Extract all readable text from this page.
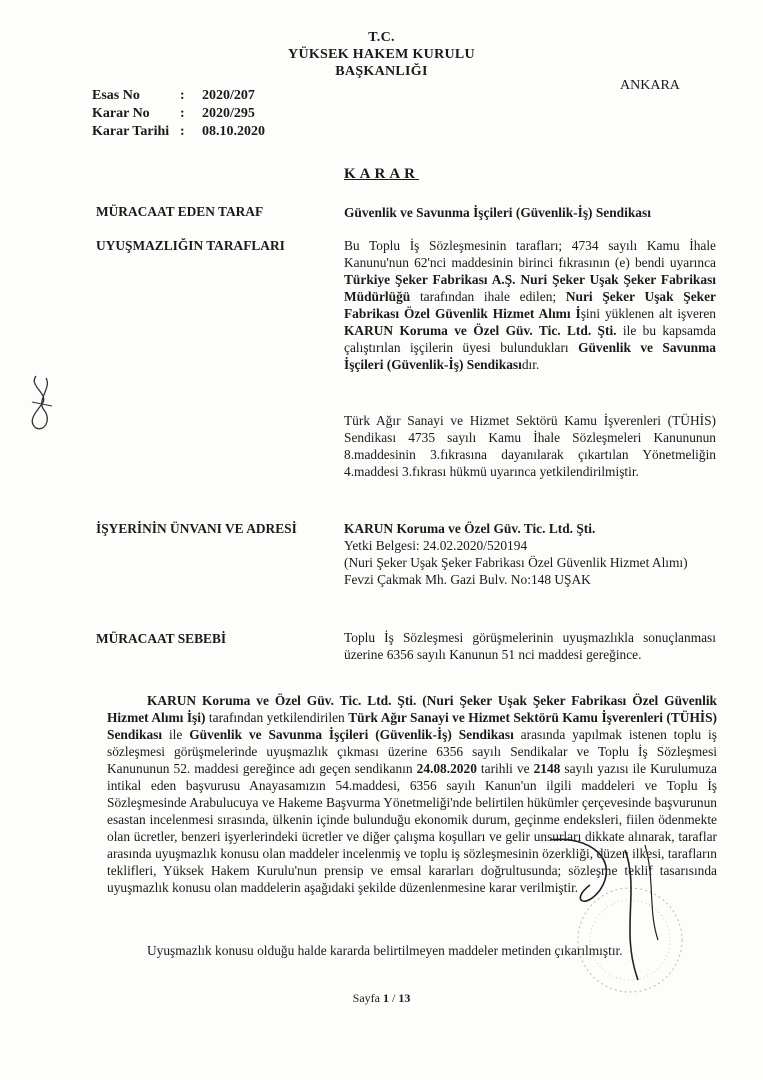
T.C.
YÜKSEK HAKEM KURULU
BAŞKANLIĞI
Esas No	:	2020/207
Karar No	:	2020/295
Karar Tarihi :	08.10.2020
ANKARA
KARAR
MÜRACAAT EDEN TARAF	Güvenlik ve Savunma İşçileri (Güvenlik-İş) Sendikası
UYUŞMAZLIĞIN TARAFLARI	Bu Toplu İş Sözleşmesinin tarafları; 4734 sayılı Kamu İhale Kanunu'nun 62'nci maddesinin birinci fıkrasının (e) bendi uyarınca Türkiye Şeker Fabrikası A.Ş. Nuri Şeker Uşak Şeker Fabrikası Müdürlüğü tarafından ihale edilen; Nuri Şeker Uşak Şeker Fabrikası Özel Güvenlik Hizmet Alımı İşini yüklenen alt işveren KARUN Koruma ve Özel Güv. Tic. Ltd. Şti. ile bu kapsamda çalıştırılan işçilerin üyesi bulundukları Güvenlik ve Savunma İşçileri (Güvenlik-İş) Sendikasıdır.
Türk Ağır Sanayi ve Hizmet Sektörü Kamu İşverenleri (TÜHİS) Sendikası 4735 sayılı Kamu İhale Sözleşmeleri Kanununun 8.maddesinin 3.fıkrasına dayanılarak çıkartılan Yönetmeliğin 4.maddesi 3.fıkrası hükmü uyarınca yetkilendirilmiştir.
İŞYERİNİN ÜNVANI VE ADRESİ	KARUN Koruma ve Özel Güv. Tic. Ltd. Şti.
Yetki Belgesi: 24.02.2020/520194
(Nuri Şeker Uşak Şeker Fabrikası Özel Güvenlik Hizmet Alımı)
Fevzi Çakmak Mh. Gazi Bulv. No:148 UŞAK
MÜRACAAT SEBEBİ	Toplu İş Sözleşmesi görüşmelerinin uyuşmazlıkla sonuçlanması üzerine 6356 sayılı Kanunun 51 nci maddesi gereğince.
KARUN Koruma ve Özel Güv. Tic. Ltd. Şti. (Nuri Şeker Uşak Şeker Fabrikası Özel Güvenlik Hizmet Alımı İşi) tarafından yetkilendirilen Türk Ağır Sanayi ve Hizmet Sektörü Kamu İşverenleri (TÜHİS) Sendikası ile Güvenlik ve Savunma İşçileri (Güvenlik-İş) Sendikası arasında yapılmak istenen toplu iş sözleşmesi görüşmelerinde uyuşmazlık çıkması üzerine 6356 sayılı Sendikalar ve Toplu İş Sözleşmesi Kanununun 52. maddesi gereğince adı geçen sendikanın 24.08.2020 tarihli ve 2148 sayılı yazısı ile Kurulumuza intikal eden başvurusu Anayasamızın 54.maddesi, 6356 sayılı Kanun'un ilgili maddeleri ve Toplu İş Sözleşmesinde Arabulucuya ve Hakeme Başvurma Yönetmeliği'nde belirtilen hükümler çerçevesinde başvurunun esastan incelenmesi sırasında, ülkenin içinde bulunduğu ekonomik durum, geçinme endeksleri, fiilen ödenmekte olan ücretler, benzeri işyerlerindeki ücretler ve diğer çalışma koşulları ve gelir unsurları dikkate alınarak, taraflar arasında uyuşmazlık konusu olan maddeler incelenmiş ve toplu iş sözleşmesinin özerkliği, düzen ilkesi, tarafların teklifleri, Yüksek Hakem Kurulu'nun prensip ve emsal kararları doğrultusunda; sözleşme teklif tasarısında uyuşmazlık konusu olan maddelerin aşağıdaki şekilde düzenlenmesine karar verilmiştir.
Uyuşmazlık konusu olduğu halde kararda belirtilmeyen maddeler metinden çıkarılmıştır.
Sayfa 1 / 13
